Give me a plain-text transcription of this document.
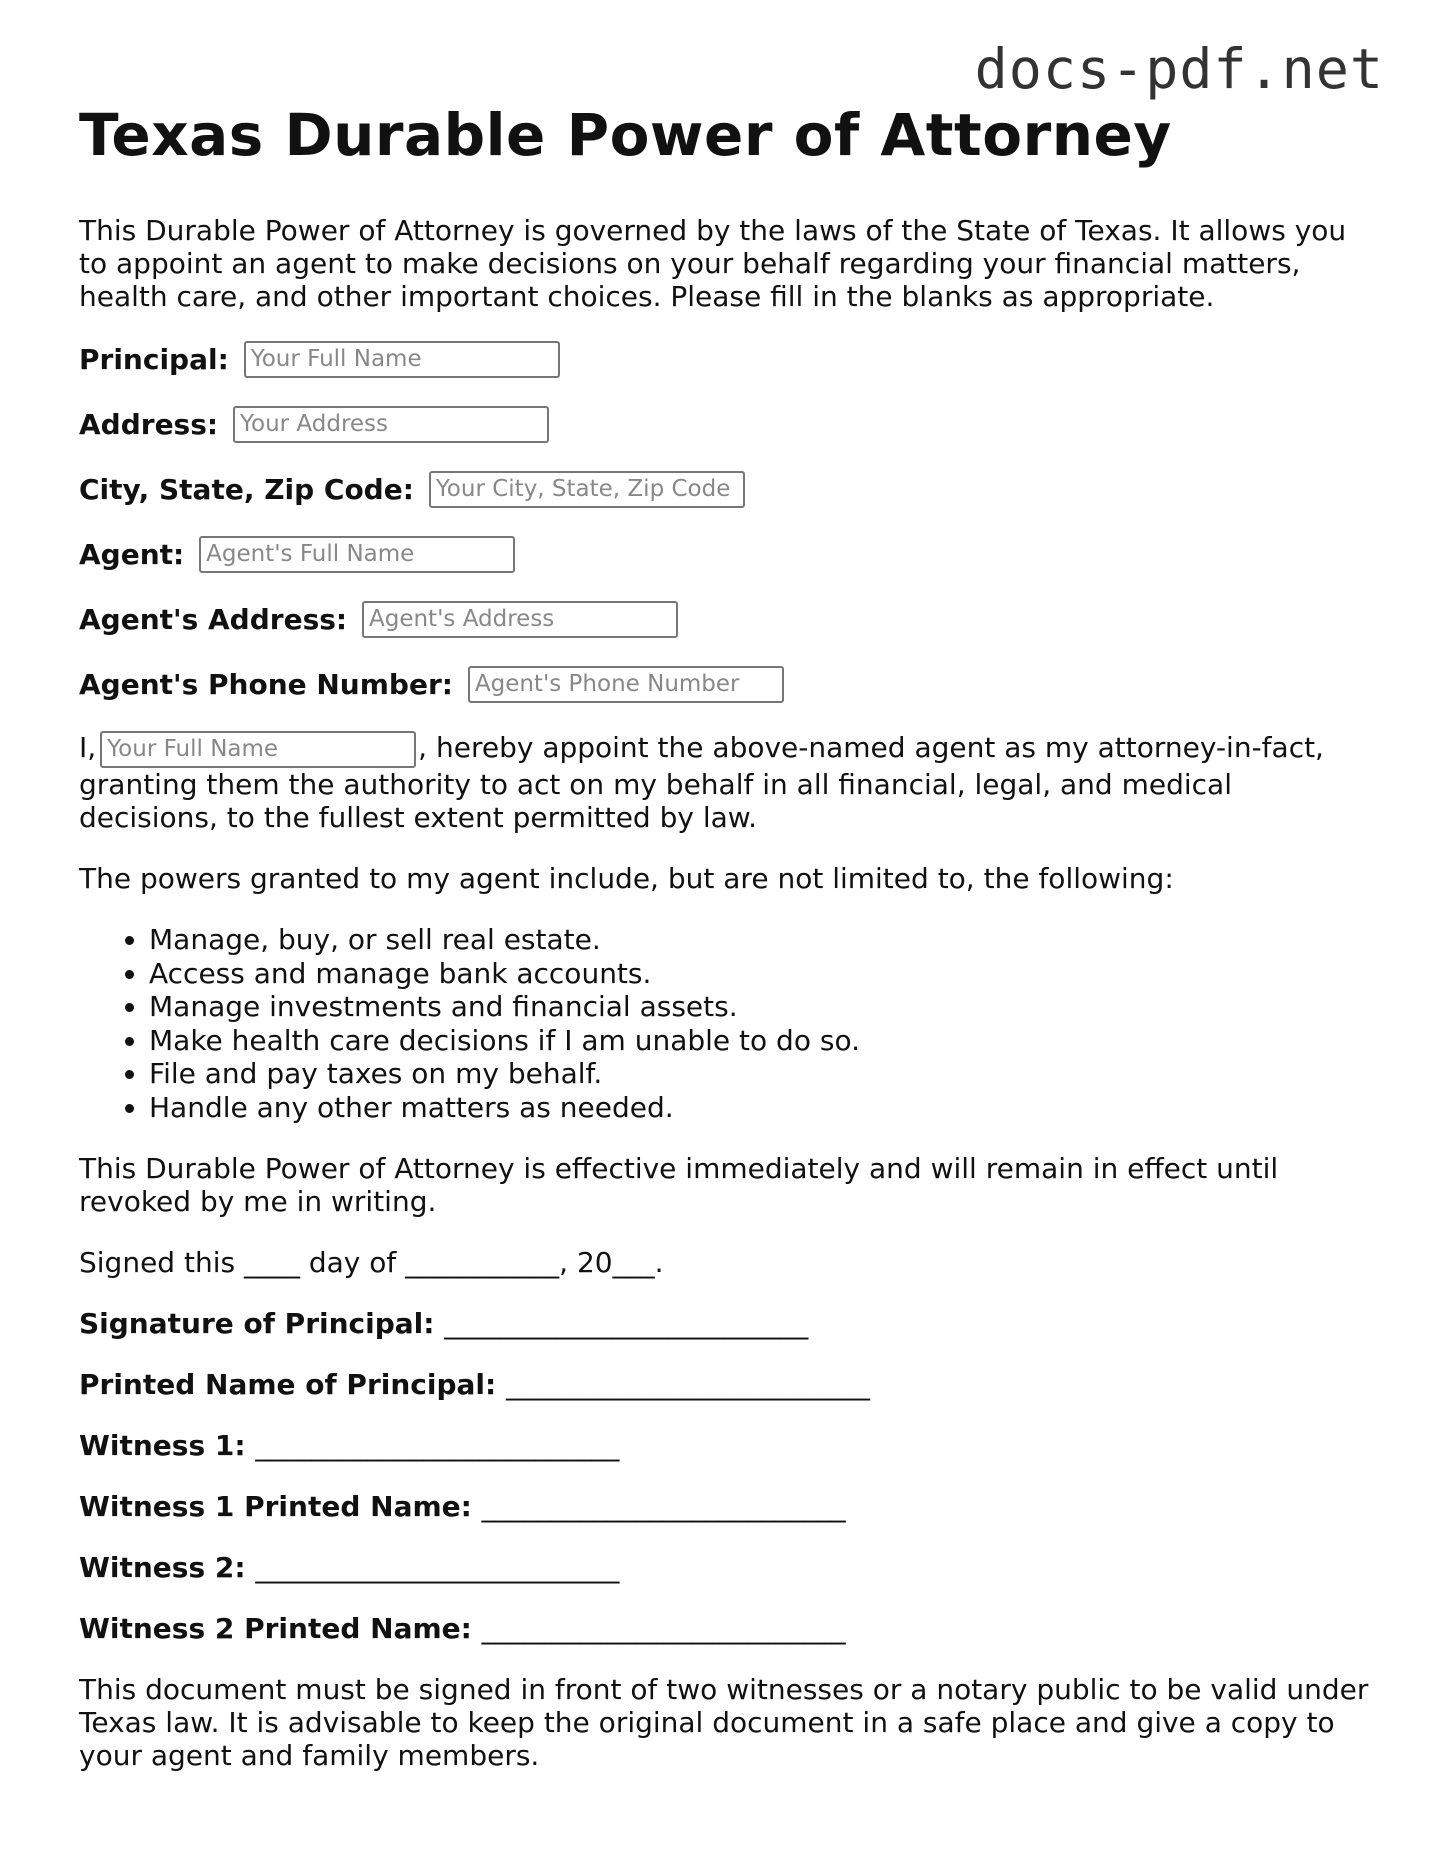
docs-pdf.net
Texas Durable Power of Attorney

This Durable Power of Attorney is governed by the laws of the State of Texas. It allows you to appoint an agent to make decisions on your behalf regarding your financial matters, health care, and other important choices. Please fill in the blanks as appropriate.

Principal: Your Full Name
Address: Your Address
City, State, Zip Code: Your City, State, Zip Code
Agent: Agent's Full Name
Agent's Address: Agent's Address
Agent's Phone Number: Agent's Phone Number
I, Your Full Name	, hereby appoint the above-named agent as my attorney-in-fact, granting them the authority to act on my behalf in all financial, legal, and medical decisions, to the fullest extent permitted by law.

The powers granted to my agent include, but are not limited to, the following:

• Manage, buy, or sell real estate.
• Access and manage bank accounts.
• Manage investments and financial assets.
• Make health care decisions if I am unable to do so.
• File and pay taxes on my behalf.
• Handle any other matters as needed.

This Durable Power of Attorney is effective immediately and will remain in effect until revoked by me in writing.

Signed this ____ day of ___________, 20___.

Signature of Principal: __________________________
Printed Name of Principal: __________________________
Witness 1: __________________________
Witness 1 Printed Name: __________________________
Witness 2: __________________________
Witness 2 Printed Name: __________________________

This document must be signed in front of two witnesses or a notary public to be valid under Texas law. It is advisable to keep the original document in a safe place and give a copy to your agent and family members.
